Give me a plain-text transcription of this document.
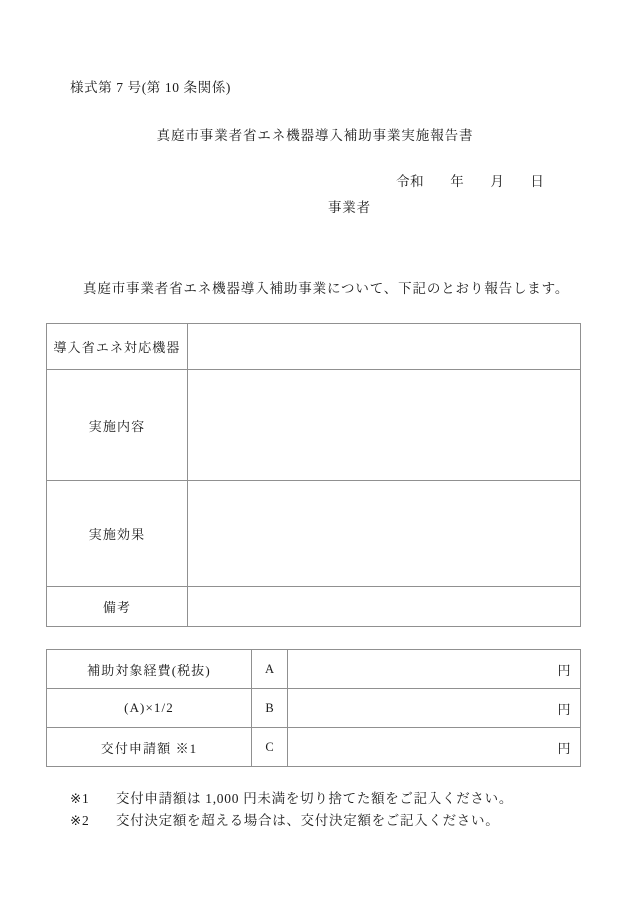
様式第 7 号(第 10 条関係)
真庭市事業者省エネ機器導入補助事業実施報告書
令和 年 月 日
事業者
真庭市事業者省エネ機器導入補助事業について、下記のとおり報告します。
導入省エネ対応機器	
実施内容	
実施効果	
備考	
補助対象経費(税抜)	A	円
(A)×1/2	B	円
交付申請額 ※1	C	円
※1 交付申請額は 1,000 円未満を切り捨てた額をご記入ください。
※2 交付決定額を超える場合は、交付決定額をご記入ください。
